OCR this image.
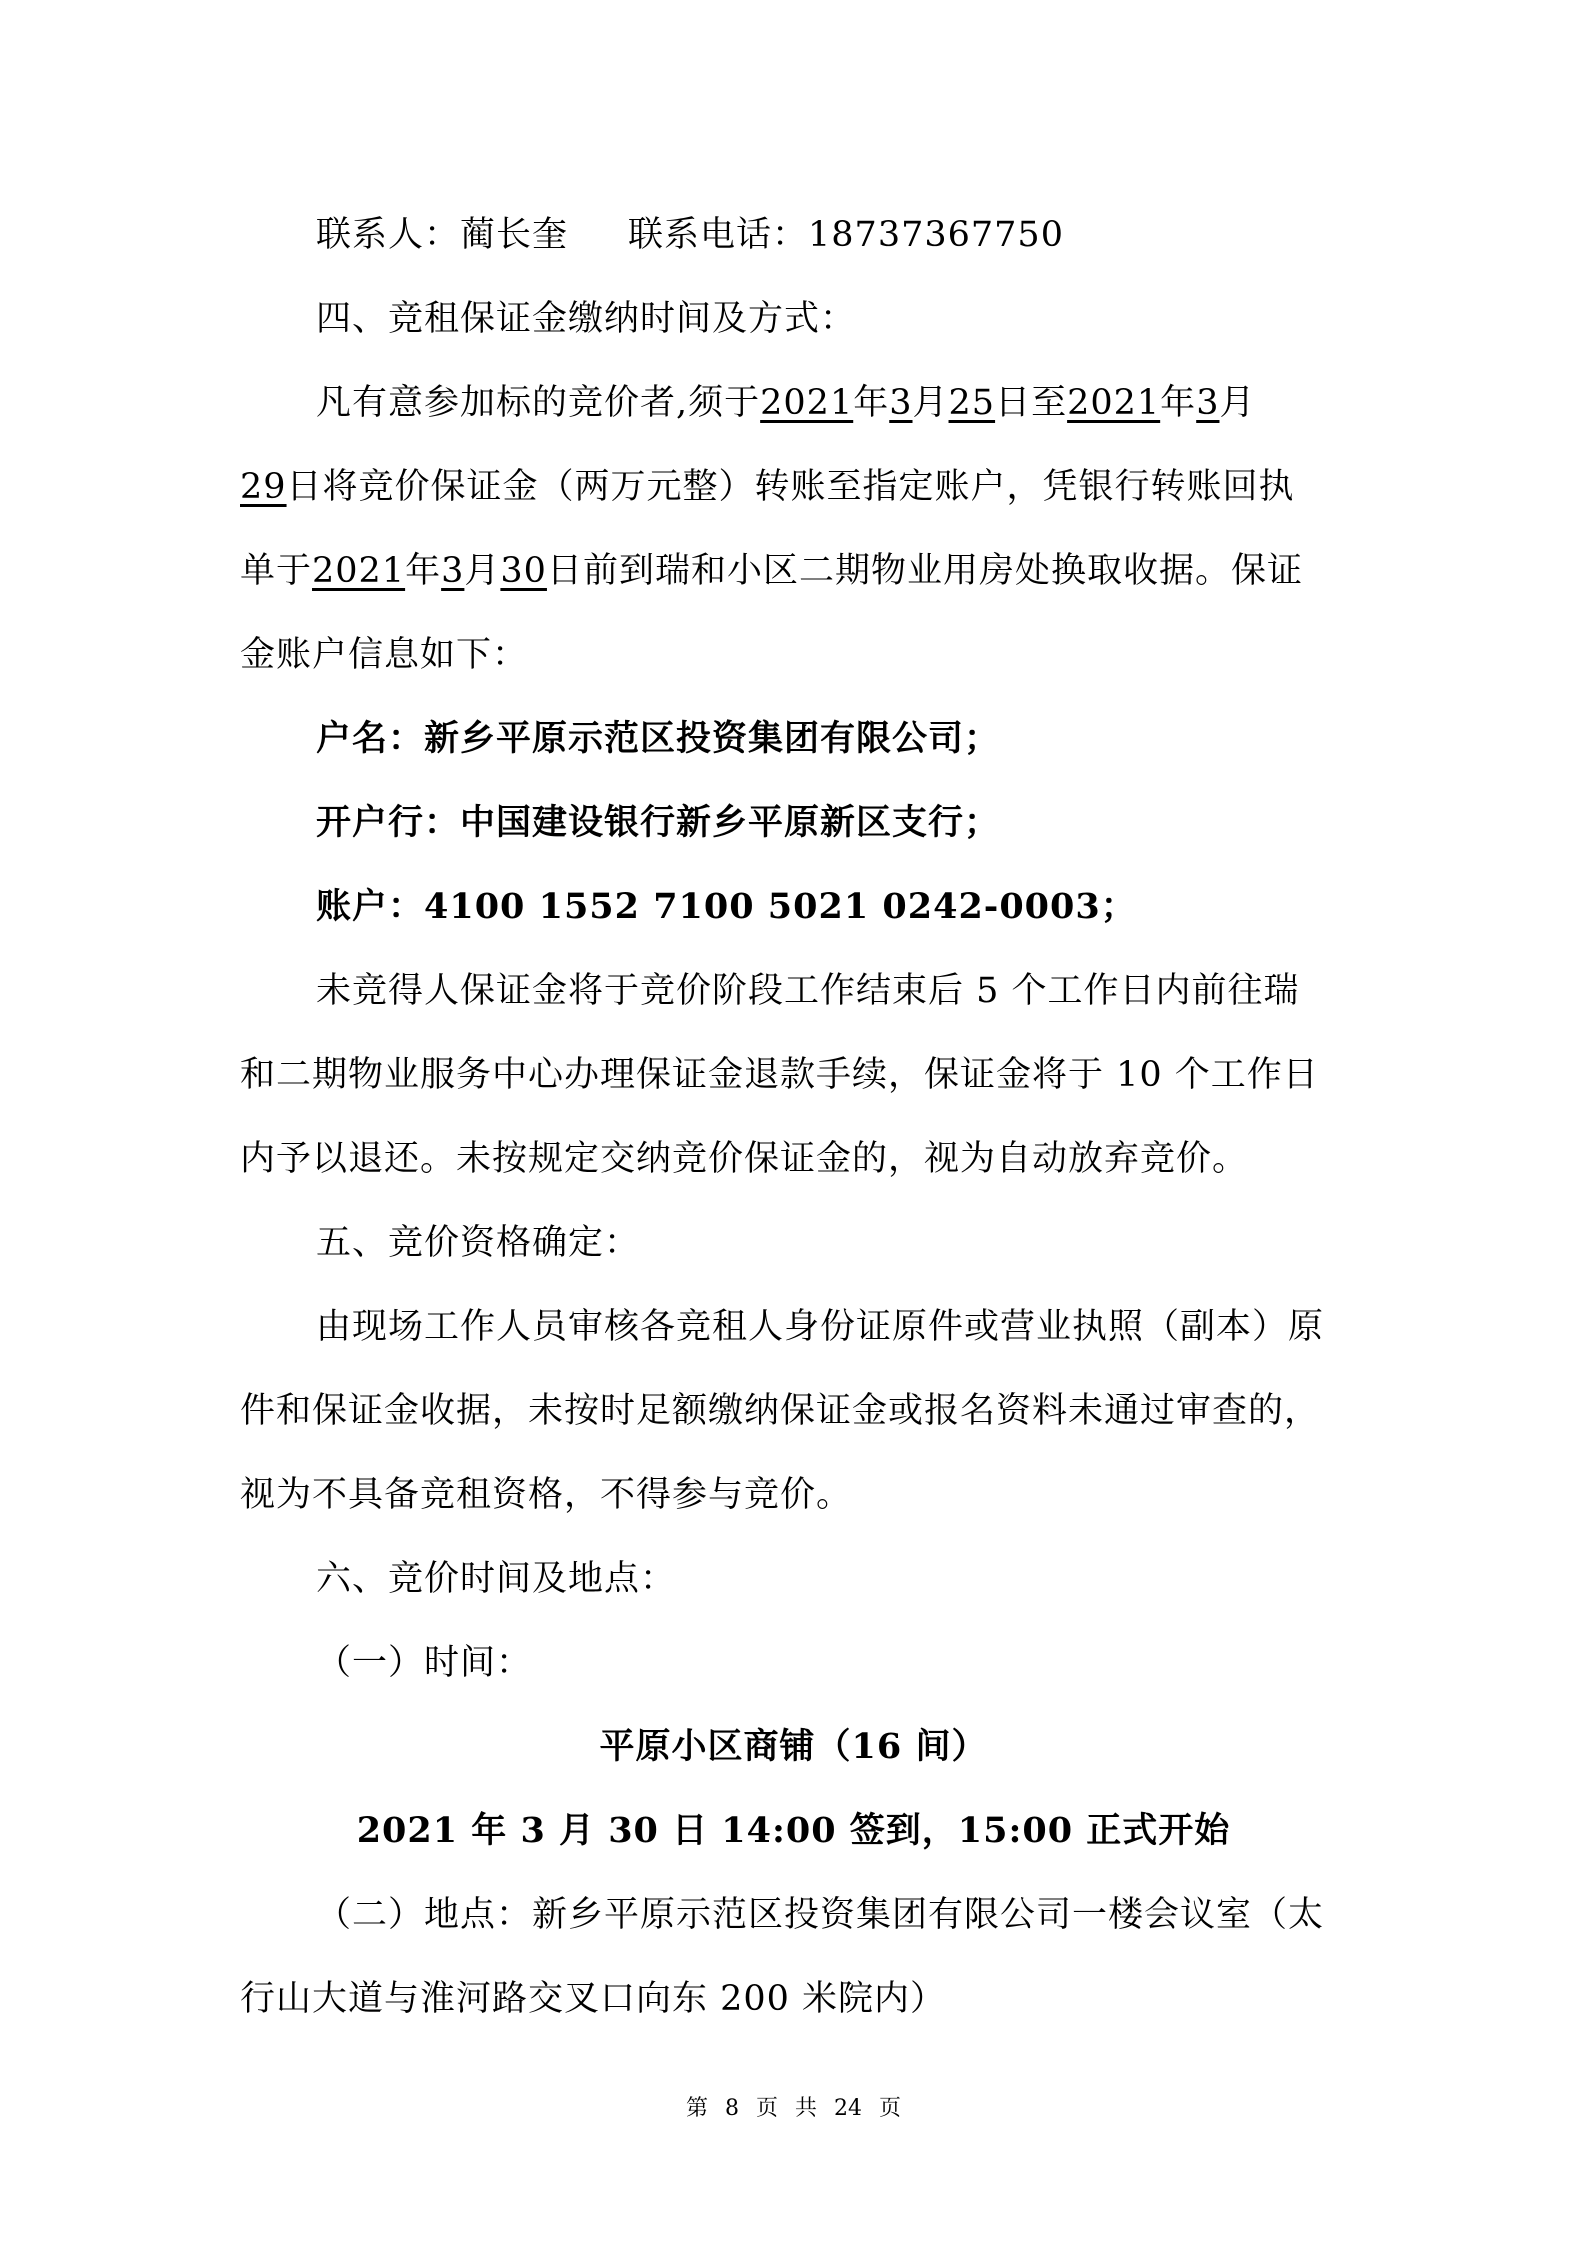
联系人：蔺长奎 联系电话：18737367750
四、竞租保证金缴纳时间及方式：
凡有意参加标的竞价者,须于2021年3月25日至2021年3月
29日将竞价保证金（两万元整）转账至指定账户，凭银行转账回执
单于2021年3月30日前到瑞和小区二期物业用房处换取收据。保证
金账户信息如下：
户名：新乡平原示范区投资集团有限公司；
开户行：中国建设银行新乡平原新区支行；
账户：4100 1552 7100 5021 0242-0003；
未竞得人保证金将于竞价阶段工作结束后 5 个工作日内前往瑞
和二期物业服务中心办理保证金退款手续，保证金将于 10 个工作日
内予以退还。未按规定交纳竞价保证金的，视为自动放弃竞价。
五、竞价资格确定：
由现场工作人员审核各竞租人身份证原件或营业执照（副本）原
件和保证金收据，未按时足额缴纳保证金或报名资料未通过审查的，
视为不具备竞租资格，不得参与竞价。
六、竞价时间及地点：
（一）时间：
平原小区商铺（16 间）
2021 年 3 月 30 日 14:00 签到，15:00 正式开始
（二）地点：新乡平原示范区投资集团有限公司一楼会议室（太
行山大道与淮河路交叉口向东 200 米院内）
第 8 页 共 24 页
